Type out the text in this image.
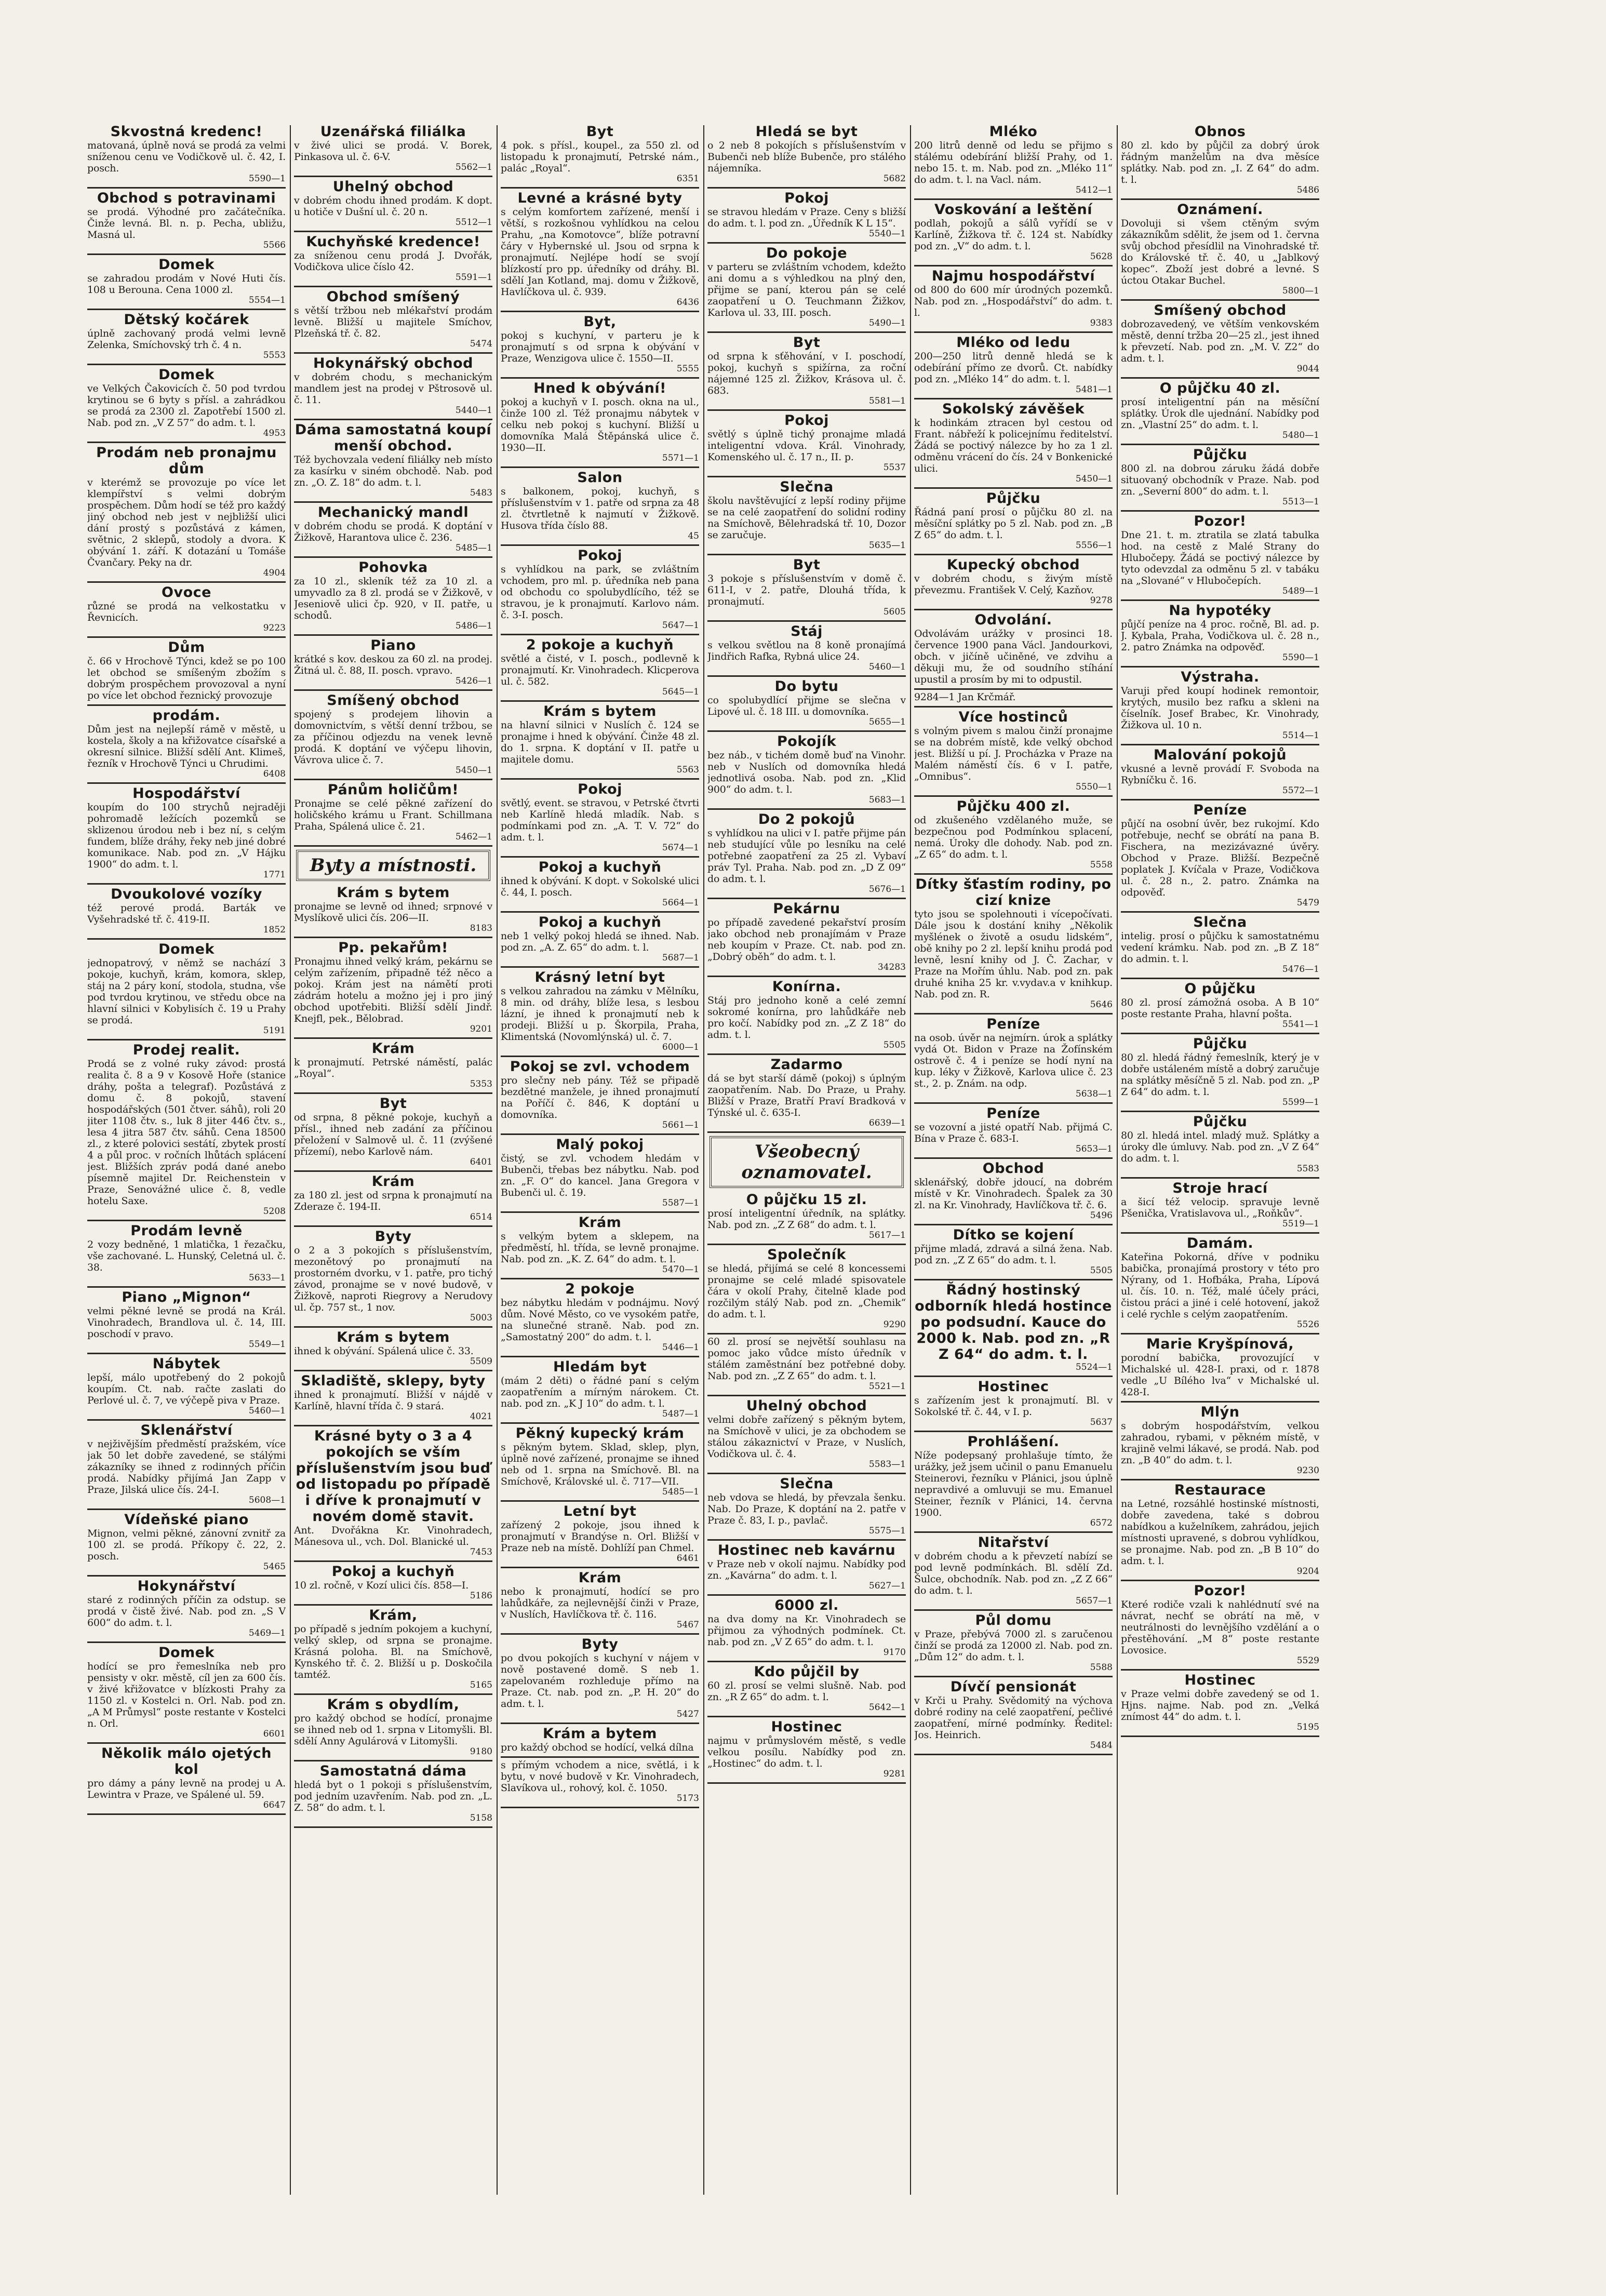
Skvostná kredenc!

matovaná, úplně nová se prodá za velmi sníženou cenu ve Vodičkově ul. č. 42, I. posch.

5590—1
Obchod s potravinami

se prodá. Výhodné pro začátečníka. Činže levná. Bl. n. p. Pecha, ubližu, Masná ul.

5566
Domek

se zahradou prodám v Nové Huti čís. 108 u Berouna. Cena 1000 zl.

5554—1
Dětský kočárek

úplně zachovaný prodá velmi levně Zelenka, Smíchovský trh č. 4 n.

5553
Domek

ve Velkých Čakovicích č. 50 pod tvrdou krytinou se 6 byty s přísl. a zahrádkou se prodá za 2300 zl. Zapotřebí 1500 zl. Nab. pod zn. „V Z 57“ do adm. t. l.

4953
Prodám neb pronajmu dům

v kterémž se provozuje po více let klempířství s velmi dobrým prospěchem. Dům hodí se též pro každý jiný obchod neb jest v nejbližší ulici dání prostý s pozůstává z kámen, světnic, 2 sklepů, stodoly a dvora. K obývání 1. září. K dotazání u Tomáše Čvančary. Peky na dr.

4904
Ovoce

různé se prodá na velkostatku v Řevnicích.

9223
Dům

č. 66 v Hrochově Týnci, kdež se po 100 let obchod se smíšeným zbožím s dobrým prospěchem provozoval a nyní po více let obchod řeznický provozuje

prodám.

Dům jest na nejlepší rámě v městě, u kostela, školy a na křižovatce císařské a okresní silnice. Bližší sdělí Ant. Klimeš, řezník v Hrochově Týnci u Chrudimi.

6408
Hospodářství

koupím do 100 strychů nejraději pohromadě ležících pozemků se sklizenou úrodou neb i bez ní, s celým fundem, blíže dráhy, řeky neb jiné dobré komunikace. Nab. pod zn. „V Hájku 1900“ do adm. t. l.

1771
Dvoukolové vozíky

též perové prodá. Barták ve Vyšehradské tř. č. 419-II.

1852
Domek

jednopatrový, v němž se nachází 3 pokoje, kuchyň, krám, komora, sklep, stáj na 2 páry koní, stodola, studna, vše pod tvrdou krytinou, ve středu obce na hlavní silnici v Kobylisích č. 19 u Prahy se prodá.

5191
Prodej realit.

Prodá se z volné ruky závod: prostá realita č. 8 a 9 v Kosově Hoře (stanice dráhy, pošta a telegraf). Pozůstává z domu č. 8 pokojů, stavení hospodářských (501 čtver. sáhů), roli 20 jiter 1108 čtv. s., luk 8 jiter 446 čtv. s., lesa 4 jitra 587 čtv. sáhů. Cena 18500 zl., z které polovici sestátí, zbytek prostí 4 a půl proc. v ročních lhůtách splácení jest. Bližších zpráv podá dané anebo písemně majitel Dr. Reichenstein v Praze, Senovážné ulice č. 8, vedle hotelu Saxe.

5208
Prodám levně

2 vozy bedněné, 1 mlatička, 1 řezačku, vše zachované. L. Hunský, Celetná ul. č. 38.

5633—1
Piano „Mignon“

velmi pěkné levně se prodá na Král. Vinohradech, Brandlova ul. č. 14, III. poschodí v pravo.

5549—1
Nábytek

lepší, málo upotřebený do 2 pokojů koupím. Ct. nab. račte zaslati do Perlové ul. č. 7, ve výčepě piva v Praze.

5460—1
Sklenářství

v nejživějším předměstí pražském, více jak 50 let dobře zavedené, se stálými zákazníky se ihned z rodinných příčin prodá. Nabídky přijímá Jan Zapp v Praze, Jilská ulice čís. 24-I.

5608—1
Vídeňské piano

Mignon, velmi pěkné, zánovní zvnitř za 100 zl. se prodá. Příkopy č. 22, 2. posch.

5465
Hokynářství

staré z rodinných příčin za odstup. se prodá v čistě živé. Nab. pod zn. „S V 600“ do adm. t. l.

5469—1
Domek

hodící se pro řemeslníka neb pro pensisty v okr. městě, cíl jen za 600 čís. v živé křižovatce v blízkosti Prahy za 1150 zl. v Kostelci n. Orl. Nab. pod zn. „A M Průmysl“ poste restante v Kostelci n. Orl.

6601
Několik málo ojetých kol

pro dámy a pány levně na prodej u A. Lewintra v Praze, ve Spálené ul. 59.

6647
Uzenářská filiálka

v živé ulici se prodá. V. Borek, Pinkasova ul. č. 6-V.

5562—1
Uhelný obchod

v dobrém chodu ihned prodám. K dopt. u hotiče v Dušní ul. č. 20 n.

5512—1
Kuchyňské kredence!

za sníženou cenu prodá J. Dvořák, Vodičkova ulice číslo 42.

5591—1
Obchod smíšený

s větší tržbou neb mlékařství prodám levně. Bližší u majitele Smíchov, Plzeňská tř. č. 82.

5474
Hokynářský obchod

v dobrém chodu, s mechanickým mandlem jest na prodej v Pštrosově ul. č. 11.

5440—1
Dáma samostatná koupí menší obchod.

Též bychovzala vedení filiálky neb místo za kasírku v siném obchodě. Nab. pod zn. „O. Z. 18“ do adm. t. l.

5483
Mechanický mandl

v dobrém chodu se prodá. K doptání v Žižkově, Harantova ulice č. 236.

5485—1
Pohovka

za 10 zl., skleník též za 10 zl. a umyvadlo za 8 zl. prodá se v Žižkově, v Jeseniově ulici čp. 920, v II. patře, u schodů.

5486—1
Piano

krátké s kov. deskou za 60 zl. na prodej. Žitná ul. č. 88, II. posch. vpravo.

5426—1
Smíšený obchod

spojený s prodejem lihovin a domovnictvím, s větší denní tržbou, se za příčinou odjezdu na venek levně prodá. K doptání ve výčepu lihovin, Vávrova ulice č. 7.

5450—1
Pánům holičům!

Pronajme se celé pěkné zařízení do holičského krámu u Frant. Schillmana Praha, Spálená ulice č. 21.

5462—1
Byty a místnosti.
Krám s bytem

pronajme se levně od ihned; srpnové v Myslíkově ulici čís. 206—II.

8183
Pp. pekařům!

Pronajmu ihned velký krám, pekárnu se celým zařízením, připadně též něco a pokoj. Krám jest na námětí proti zádrám hotelu a možno jej i pro jiný obchod upotřebiti. Bližší sdělí Jindř. Knejfl, pek., Bělobrad.

9201
Krám

k pronajmutí. Petrské náměstí, palác „Royal“.

5353
Byt

od srpna, 8 pěkné pokoje, kuchyň a přísl., ihned neb zadání za příčinou přeložení v Salmově ul. č. 11 (zvýšené přízemí), nebo Karlově nám.

6401
Krám

za 180 zl. jest od srpna k pronajmutí na Zderaze č. 194-II.

6514
Byty

o 2 a 3 pokojích s příslušenstvím, mezonětový po pronajmutí na prostorném dvorku, v 1. patře, pro tichý závod, pronajme se v nové budově, v Žižkově, naproti Riegrovy a Nerudovy ul. čp. 757 st., 1 nov.

5003
Krám s bytem

ihned k obývání. Spálená ulice č. 33.

5509
Skladiště, sklepy, byty

ihned k pronajmutí. Bližší v nájdě v Karlíně, hlavní třída č. 9 stará.

4021
Krásné byty o 3 a 4 pokojích se vším příslušenstvím jsou buď od listopadu po případě i dříve k pronajmutí v novém domě stavit.

Ant. Dvořákna Kr. Vinohradech, Mánesova ul., vch. Dol. Blanické ul.

7453
Pokoj a kuchyň

10 zl. ročně, v Kozí ulici čís. 858—I.

5186
Krám,

po případě s jedním pokojem a kuchyní, velký sklep, od srpna se pronajme. Krásná poloha. Bl. na Smíchově, Kynského tř. č. 2. Bližší u p. Doskočila tamtéž.

5165
Krám s obydlím,

pro každý obchod se hodící, pronajme se ihned neb od 1. srpna v Litomyšli. Bl. sdělí Anny Agulárová v Litomyšli.

9180
Samostatná dáma

hledá byt o 1 pokoji s příslušenstvím, pod jedním uzavřením. Nab. pod zn. „L. Z. 58“ do adm. t. l.

5158
Byt

4 pok. s přísl., koupel., za 550 zl. od listopadu k pronajmutí, Petrské nám., palác „Royal“.

6351
Levné a krásné byty

s celým komfortem zařízené, menší i větší, s rozkošnou vyhlídkou na celou Prahu, „na Komotovce“, blíže potravní čáry v Hybernské ul. Jsou od srpna k pronajmutí. Nejlépe hodí se svojí blízkostí pro pp. úředníky od dráhy. Bl. sdělí Jan Kotland, maj. domu v Žižkově, Havlíčkova ul. č. 939.

6436
Byt,

pokoj s kuchyní, v parteru je k pronajmutí s od srpna k obývání v Praze, Wenzigova ulice č. 1550—II.

5555
Hned k obývání!

pokoj a kuchyň v I. posch. okna na ul., činže 100 zl. Též pronajmu nábytek v celku neb pokoj s kuchyní. Bližší u domovníka Malá Štěpánská ulice č. 1930—II.

5571—1
Salon

s balkonem, pokoj, kuchyň, s příslušenstvím v 1. patře od srpna za 48 zl. čtvrtletně k najmutí v Žižkově. Husova třída číslo 88.

45
Pokoj

s vyhlídkou na park, se zvláštním vchodem, pro ml. p. úředníka neb pana od obchodu co spolubydlícího, též se stravou, je k pronajmutí. Karlovo nám. č. 3-I. posch.

5647—1
2 pokoje a kuchyň

světlé a čisté, v I. posch., podlevně k pronajmutí. Kr. Vinohradech. Klicperova ul. č. 582.

5645—1
Krám s bytem

na hlavní silnici v Nuslích č. 124 se pronajme i hned k obývání. Činže 48 zl. do 1. srpna. K doptání v II. patře u majitele domu.

5563
Pokoj

světlý, event. se stravou, v Petrské čtvrti neb Karlíně hledá mladík. Nab. s podmínkami pod zn. „A. T. V. 72“ do adm. t. l.

5674—1
Pokoj a kuchyň

ihned k obývání. K dopt. v Sokolské ulici č. 44, I. posch.

5664—1
Pokoj a kuchyň

neb 1 velký pokoj hledá se ihned. Nab. pod zn. „A. Z. 65“ do adm. t. l.

5687—1
Krásný letní byt

s velkou zahradou na zámku v Mělníku, 8 min. od dráhy, blíže lesa, s lesbou lázní, je ihned k pronajmutí neb k prodeji. Bližší u p. Škorpila, Praha, Klimentská (Novomlýnská) ul. č. 7.

6000—1
Pokoj se zvl. vchodem

pro slečny neb pány. Též se připadě bezdětné manžele, je ihned pronajmutí na Poříčí č. 846, K doptání u domovníka.

5661—1
Malý pokoj

čistý, se zvl. vchodem hledám v Bubenči, třebas bez nábytku. Nab. pod zn. „F. O“ do kancel. Jana Gregora v Bubenči ul. č. 19.

5587—1
Krám

s velkým bytem a sklepem, na předměstí, hl. třída, se levně pronajme. Nab. pod zn. „K. Z. 64“ do adm. t. l.

5470—1
2 pokoje

bez nábytku hledám v podnájmu. Nový dům. Nové Město, co ve vysokém patře, na slunečné straně. Nab. pod zn. „Samostatný 200“ do adm. t. l.

5446—1
Hledám byt

(mám 2 děti) o řádné paní s celým zaopatřením a mírným nárokem. Ct. nab. pod zn. „K J 10“ do adm. t. l.

5487—1
Pěkný kupecký krám

s pěkným bytem. Sklad, sklep, plyn, úplně nové zařízené, pronajme se ihned neb od 1. srpna na Smíchově. Bl. na Smíchově, Královské ul. č. 717—VII.

5485—1
Letní byt

zařízený 2 pokoje, jsou ihned k pronajmutí v Brandýse n. Orl. Bližší v Praze neb na místě. Dohlíží pan Chmel.

6461
Krám

nebo k pronajmutí, hodící se pro lahůdkáře, za nejlevnější činži v Praze, v Nuslích, Havlíčkova tř. č. 116.

5467
Byty

po dvou pokojích s kuchyní v nájem v nově postavené domě. S neb 1. zapelovaném rozhleduje přímo na Praze. Ct. nab. pod zn. „P. H. 20“ do adm. t. l.

5427
Krám a bytem

pro každý obchod se hodící, velká dílna

s přímým vchodem a nice, světlá, i k bytu, v nové budově v Kr. Vinohradech, Slavíkova ul., rohový, kol. č. 1050.

5173
Hledá se byt

o 2 neb 8 pokojích s příslušenstvím v Bubenči neb blíže Bubenče, pro stálého nájemníka.

5682
Pokoj

se stravou hledám v Praze. Ceny s bližší do adm. t. l. pod zn. „Úředník K L 15“.

5540—1
Do pokoje

v parteru se zvláštním vchodem, kdežto ani domu a s výhledkou na plný den, přijme se paní, kterou pán se celé zaopatření u O. Teuchmann Žižkov, Karlova ul. 33, III. posch.

5490—1
Byt

od srpna k sťěhování, v I. poschodí, pokoj, kuchyň s spižírna, za roční nájemné 125 zl. Žižkov, Krásova ul. č. 683.

5581—1
Pokoj

světlý s úplně tichý pronajme mladá inteligentní vdova. Král. Vinohrady, Komenského ul. č. 17 n., II. p.

5537
Slečna

školu navštěvující z lepší rodiny přijme se na celé zaopatření do solidní rodiny na Smíchově, Bělehradská tř. 10, Dozor se zaručuje.

5635—1
Byt

3 pokoje s příslušenstvím v domě č. 611-I, v 2. patře, Dlouhá třída, k pronajmutí.

5605
Stáj

s velkou světlou na 8 koně pronajímá Jindřich Rafka, Rybná ulice 24.

5460—1
Do bytu

co spolubydlící přijme se slečna v Lipové ul. č. 18 III. u domovníka.

5655—1
Pokojík

bez náb., v tichém domě buď na Vinohr. neb v Nuslích od domovníka hledá jednotlivá osoba. Nab. pod zn. „Klid 900“ do adm. t. l.

5683—1
Do 2 pokojů

s vyhlídkou na ulici v I. patře přijme pán neb studující vůle po lesníku na celé potřebné zaopatření za 25 zl. Vybaví práv Tyl. Praha. Nab. pod zn. „D Z 09“ do adm. t. l.

5676—1
Pekárnu

po případě zavedené pekařství prosím jako obchod neb pronajímám v Praze neb koupím v Praze. Ct. nab. pod zn. „Dobrý oběh“ do adm. t. l.

34283
Konírna.

Stáj pro jednoho koně a celé zemní sokromé konírna, pro lahůdkáře neb pro kočí. Nabídky pod zn. „Z Z 18“ do adm. t. l.

5505
Zadarmo

dá se byt starší dámě (pokoj) s úplným zaopatřením. Nab. Do Praze, u Prahy. Bližší v Praze, Bratří Praví Bradková v Týnské ul. č. 635-I.

6639—1
Všeobecný
oznamovatel.
O půjčku 15 zl.

prosí inteligentní úředník, na splátky. Nab. pod zn. „Z Z 68“ do adm. t. l.

5617—1
Společník

se hledá, přijímá se celé 8 koncessemi pronajme se celé mladé spisovatele čára v okolí Prahy, čitelně klade pod rozčilým stálý Nab. pod zn. „Chemik“ do adm. t. l.

9290

60 zl. prosí se největší souhlasu na pomoc jako vůdce místo úředník v stálém zaměstnání bez potřebné doby. Nab. pod zn. „Z Z 65“ do adm. t. l.

5521—1
Uhelný obchod

velmi dobře zařízený s pěkným bytem, na Smíchově v ulici, je za obchodem se stálou zákaznictví v Praze, v Nuslích, Vodičkova ul. č. 4.

5583—1
Slečna

neb vdova se hledá, by převzala šenku. Nab. Do Praze, K doptání na 2. patře v Praze č. 83, I. p., pavlač.

5575—1
Hostinec neb kavárnu

v Praze neb v okolí najmu. Nabídky pod zn. „Kavárna“ do adm. t. l.

5627—1
6000 zl.

na dva domy na Kr. Vinohradech se přijmou za výhodných podmínek. Ct. nab. pod zn. „V Z 65“ do adm. t. l.

9170
Kdo půjčil by

60 zl. prosí se velmi slušně. Nab. pod zn. „R Z 65“ do adm. t. l.

5642—1
Hostinec

najmu v průmyslovém městě, s vedle velkou posílu. Nabídky pod zn. „Hostinec“ do adm. t. l.

9281
Mléko

200 litrů denně od ledu se přijmo s stálému odebírání bližší Prahy, od 1. nebo 15. t. m. Nab. pod zn. „Mléko 11“ do adm. t. l. na Vacl. nám.

5412—1
Voskování a leštění

podlah, pokojů a sálů vyřídí se v Karlíně, Žižkova tř. č. 124 st. Nabídky pod zn. „V“ do adm. t. l.

5628
Najmu hospodářství

od 800 do 600 mír úrodných pozemků. Nab. pod zn. „Hospodářství“ do adm. t. l.

9383
Mléko od ledu

200—250 litrů denně hledá se k odebírání přímo ze dvorů. Ct. nabídky pod zn. „Mléko 14“ do adm. t. l.

5481—1
Sokolský závěšek

k hodinkám ztracen byl cestou od Frant. nábřeží k policejnímu ředitelství. Žádá se poctivý nálezce by ho za 1 zl. odměnu vrácení do čís. 24 v Bonkenické ulici.

5450—1
Půjčku

Řádná paní prosí o půjčku 80 zl. na měsíční splátky po 5 zl. Nab. pod zn. „B Z 65“ do adm. t. l.

5556—1
Kupecký obchod

v dobrém chodu, s živým místě převezmu. František V. Celý, Kazňov.

9278
Odvolání.

Odvolávám urážky v prosinci 18. července 1900 pana Václ. Jandourkovi, obch. v jičíně učiněné, ve zdvihu a děkuji mu, že od soudního stíhání upustil a prosím by mi to odpustil.

9284—1 Jan Krčmář.

Více hostinců

s volným pivem s malou činží pronajme se na dobrém místě, kde velký obchod jest. Bližší u pí. J. Procházka v Praze na Malém náměstí čís. 6 v I. patře, „Omnibus“.

5550—1
Půjčku 400 zl.

od zkušeného vzdělaného muže, se bezpečnou pod Podmínkou splacení, nemá. Úroky dle dohody. Nab. pod zn. „Z 65“ do adm. t. l.

5558
Dítky šťastím rodiny, po cizí knize

tyto jsou se spolehnouti i vícepočívati. Dále jsou k dostání knihy „Několik myšlének o životě a osudu lidském“, obě knihy po 2 zl. lepší knihu prodá pod levně, lesní knihy od J. Č. Zachar, v Praze na Mořím úhlu. Nab. pod zn. pak druhé kniha 25 kr. v.vydav.a v knihkup. Nab. pod zn. R.

5646
Peníze

na osob. úvěr na nejmírn. úrok a splátky vydá Ot. Bidon v Praze na Žofínském ostrově č. 4 i peníze se hodí nyní na kup. léky v Žižkově, Karlova ulice č. 23 st., 2. p. Znám. na odp.

5638—1
Peníze

se vozovní a jisté opatří Nab. přijmá C. Bína v Praze č. 683-I.

5653—1
Obchod

sklenářský, dobře jdoucí, na dobrém místě v Kr. Vinohradech. Špalek za 30 zl. na Kr. Vinohrady, Havlíčkova tř. č. 6.

5496
Dítko se kojení

přijme mladá, zdravá a silná žena. Nab. pod zn. „Z Z 65“ do adm. t. l.

5505
Řádný hostinský odborník hledá hostince po podsudní. Kauce do 2000 k. Nab. pod zn. „R Z 64“ do adm. t. l.
5524—1
Hostinec

s zařízením jest k pronajmutí. Bl. v Sokolské tř. č. 44, v I. p.

5637
Prohlášení.

Níže podepsaný prohlašuje tímto, že urážky, jež jsem učinil o panu Emanuelu Steinerovi, řezníku v Plánici, jsou úplně nepravdivé a omluvuji se mu. Emanuel Steiner, řezník v Plánici, 14. června 1900.

6572
Nitařství

v dobrém chodu a k převzetí nabízí se pod levně podmínkách. Bl. sdělí Zd. Šulce, obchodník. Nab. pod zn. „Z Z 66“ do adm. t. l.

5657—1
Půl domu

v Praze, přebývá 7000 zl. s zaručenou činží se prodá za 12000 zl. Nab. pod zn. „Dům 12“ do adm. t. l.

5588
Dívčí pensionát

v Krči u Prahy. Svědomitý na výchova dobré rodiny na celé zaopatření, pečlivé zaopatření, mírné podmínky. Ředitel: Jos. Heinrich.

5484
Obnos

80 zl. kdo by půjčil za dobrý úrok řádným manželům na dva měsíce splátky. Nab. pod zn. „I. Z 64“ do adm. t. l.

5486
Oznámení.

Dovoluji si všem ctěným svým zákazníkům sdělit, že jsem od 1. června svůj obchod přesídlil na Vinohradské tř. do Královské tř. č. 40, u „Jablkový kopec“. Zboží jest dobré a levné. S úctou Otakar Buchel.

5800—1
Smíšený obchod

dobrozavedený, ve větším venkovském městě, denní tržba 20—25 zl., jest ihned k převzetí. Nab. pod zn. „M. V. Z2“ do adm. t. l.

9044
O půjčku 40 zl.

prosí inteligentní pán na měsíční splátky. Úrok dle ujednání. Nabídky pod zn. „Vlastní 25“ do adm. t. l.

5480—1
Půjčku

800 zl. na dobrou záruku žádá dobře situovaný obchodník v Praze. Nab. pod zn. „Severní 800“ do adm. t. l.

5513—1
Pozor!

Dne 21. t. m. ztratila se zlatá tabulka hod. na cestě z Malé Strany do Hlubočepy. Žádá se poctivý nálezce by tyto odevzdal za odměnu 5 zl. v tabáku na „Slované“ v Hlubočepích.

5489—1
Na hypotéky

půjčí peníze na 4 proc. ročně, Bl. ad. p. J. Kybala, Praha, Vodičkova ul. č. 28 n., 2. patro Známka na odpověď.

5590—1
Výstraha.

Varuji před koupí hodinek remontoir, krytých, musilo bez rafku a skleni na číselník. Josef Brabec, Kr. Vinohrady, Žižkova ul. 10 n.

5514—1
Malování pokojů

vkusné a levně provádí F. Svoboda na Rybníčku č. 16.

5572—1
Peníze

půjčí na osobní úvěr, bez rukojmí. Kdo potřebuje, nechť se obrátí na pana B. Fischera, na mezizávazné úvěry. Obchod v Praze. Bližší. Bezpečně poplatek J. Kvíčala v Praze, Vodičkova ul. č. 28 n., 2. patro. Známka na odpověď.

5479
Slečna

intelig. prosí o půjčku k samostatnému vedení krámku. Nab. pod zn. „B Z 18“ do admin. t. l.

5476—1
O půjčku

80 zl. prosí zámožná osoba. A B 10“ poste restante Praha, hlavní pošta.

5541—1
Půjčku

80 zl. hledá řádný řemeslník, který je v dobře ustáleném místě a dobrý zaručuje na splátky měsíčně 5 zl. Nab. pod zn. „P Z 64“ do adm. t. l.

5599—1
Půjčku

80 zl. hledá intel. mladý muž. Splátky a úroky dle úmluvy. Nab. pod zn. „V Z 64“ do adm. t. l.

5583
Stroje hrací

a šicí též velocip. spravuje levně Pšenička, Vratislavova ul., „Roňkův“.

5519—1
Damám.

Kateřina Pokorná, dříve v podniku babička, pronajímá prostory v této pro Nýrany, od 1. Hofbáka, Praha, Lípová ul. čís. 10. n. Též, malé účely práci, čistou práci a jiné i celé hotovení, jakož i celé rychle s celým zaopatřením.

5526
Marie Kryšpínová,

porodní babička, provozující v Michalské ul. 428-I. praxi, od r. 1878 vedle „U Bílého lva“ v Michalské ul. 428-I.

Mlýn

s dobrým hospodářstvím, velkou zahradou, rybami, v pěkném místě, v krajině velmi lákavé, se prodá. Nab. pod zn. „B 40“ do adm. t. l.

9230
Restaurace

na Letné, rozsáhlé hostinské místnosti, dobře zavedena, také s dobrou nabídkou a kuželníkem, zahrádou, jejich místnosti upravené, s dobrou vyhlídkou, se pronajme. Nab. pod zn. „B B 10“ do adm. t. l.

9204
Pozor!

Které rodiče vzali k nahlédnutí své na návrat, nechť se obrátí na mě, v neutrálnosti do levnějšího vzdělání a o přestěhování. „M 8“ poste restante Lovosice.

5529
Hostinec

v Praze velmi dobře zavedený se od 1. Hjns. najme. Nab. pod zn. „Velká znímost 44“ do adm. t. l.

5195
